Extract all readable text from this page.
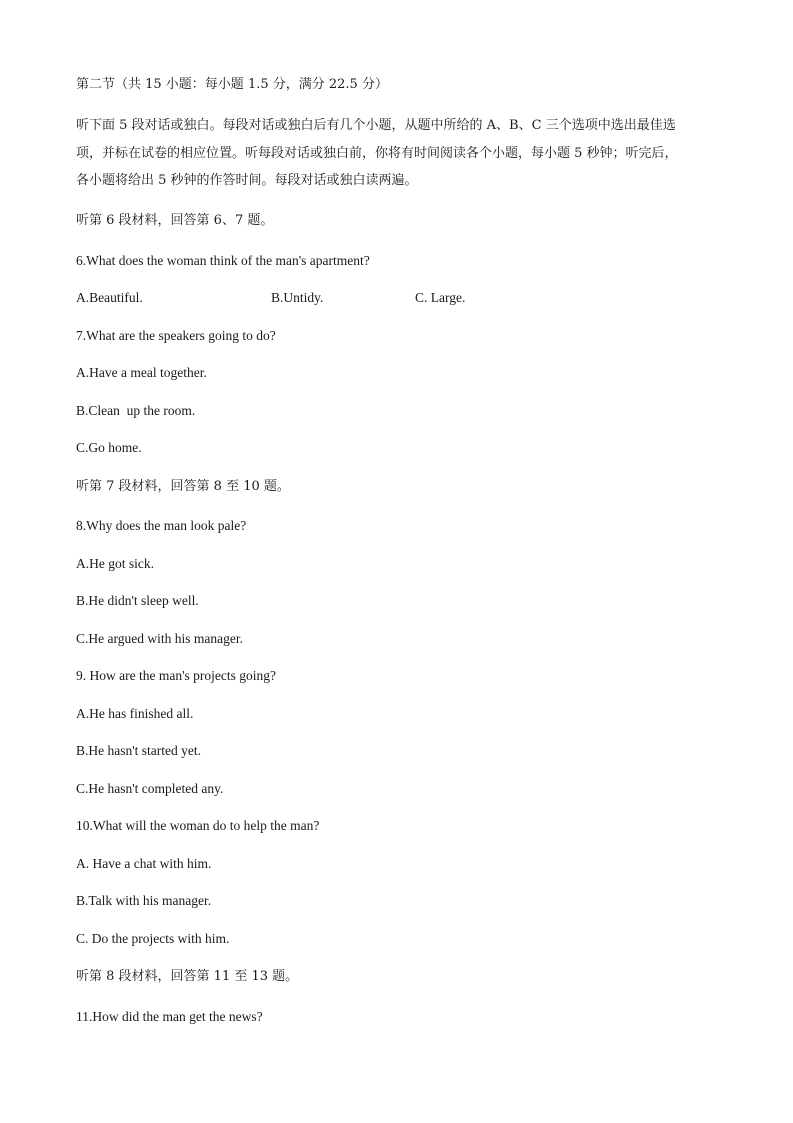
第二节（共 15 小题：每小题 1.5 分，满分 22.5 分）
听下面 5 段对话或独白。每段对话或独白后有几个小题，从题中所给的 A、B、C 三个选项中选出最佳选
项，并标在试卷的相应位置。听每段对话或独白前，你将有时间阅读各个小题，每小题 5 秒钟；听完后，
各小题将给出 5 秒钟的作答时间。每段对话或独白读两遍。
听第 6 段材料，回答第 6、7 题。
6.What does the woman think of the man's apartment?
A.Beautiful.	B.Untidy.	C. Large.
7.What are the speakers going to do?
A.Have a meal together.
B.Clean  up the room.
C.Go home.
听第 7 段材料，回答第 8 至 10 题。
8.Why does the man look pale?
A.He got sick.
B.He didn't sleep well.
C.He argued with his manager.
9. How are the man's projects going?
A.He has finished all.
B.He hasn't started yet.
C.He hasn't completed any.
10.What will the woman do to help the man?
A. Have a chat with him.
B.Talk with his manager.
C. Do the projects with him.
听第 8 段材料，回答第 11 至 13 题。
11.How did the man get the news?
